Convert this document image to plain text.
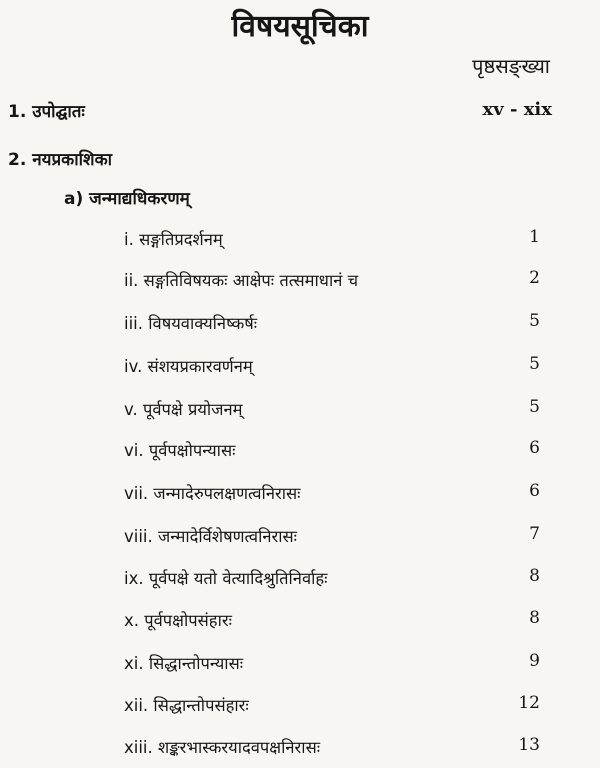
विषयसूचिका
पृष्ठसङ्ख्या
1. उपोद्घातः	xv - xix
2. नयप्रकाशिका
a) जन्माद्यधिकरणम्
i. सङ्गतिप्रदर्शनम्	1
ii. सङ्गतिविषयकः आक्षेपः तत्समाधानं च	2
iii. विषयवाक्यनिष्कर्षः	5
iv. संशयप्रकारवर्णनम्	5
v. पूर्वपक्षे प्रयोजनम्	5
vi. पूर्वपक्षोपन्यासः	6
vii. जन्मादेरुपलक्षणत्वनिरासः	6
viii. जन्मादेर्विशेषणत्वनिरासः	7
ix. पूर्वपक्षे यतो वेत्यादिश्रुतिनिर्वाहः	8
x. पूर्वपक्षोपसंहारः	8
xi. सिद्धान्तोपन्यासः	9
xii. सिद्धान्तोपसंहारः	12
xiii. शङ्करभास्करयादवपक्षनिरासः	13
